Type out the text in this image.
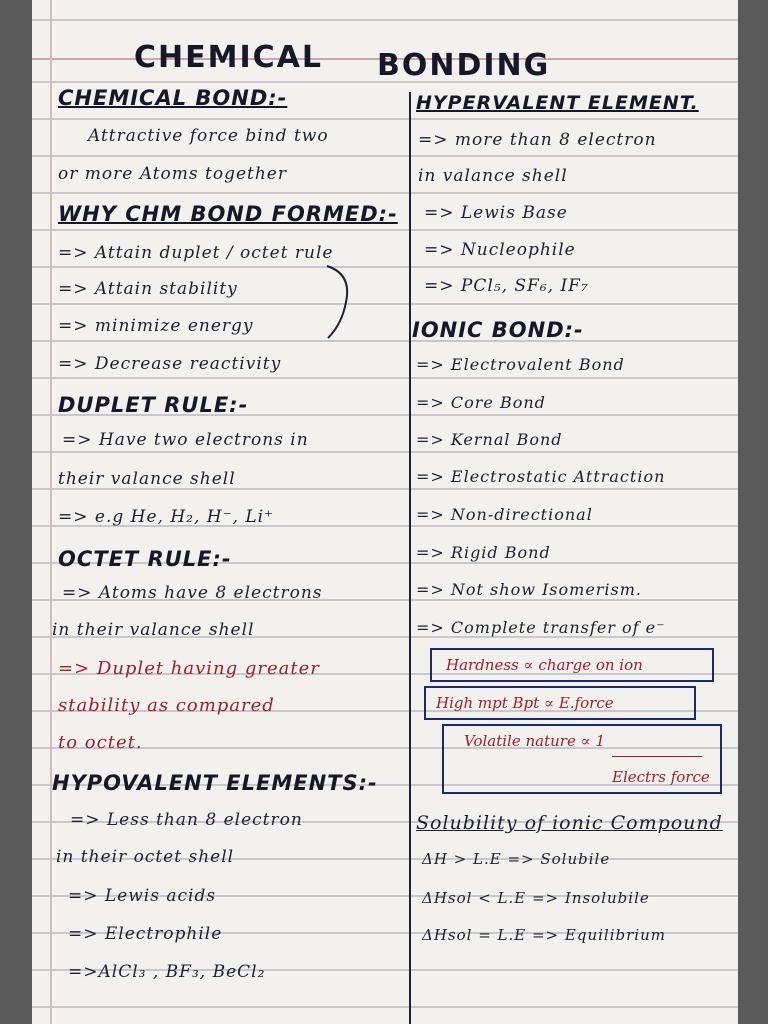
CHEMICAL BONDING
CHEMICAL BOND:-
Attractive force bind two
or more Atoms together
WHY CHM BOND FORMED:-
=> Attain duplet / octet rule
=> Attain stability
=> minimize energy
=> Decrease reactivity
DUPLET RULE:-
=> Have two electrons in
their valance shell
=> e.g He, H₂, H⁻, Li⁺
OCTET RULE:-
=> Atoms have 8 electrons
in their valance shell
=> Duplet having greater
stability as compared
to octet.
HYPOVALENT ELEMENTS:-
=> Less than 8 electron
in their octet shell
=> Lewis acids
=> Electrophile
=>AlCl₃ , BF₃, BeCl₂
HYPERVALENT ELEMENT.
=> more than 8 electron
in valance shell
=> Lewis Base
=> Nucleophile
=> PCl₅, SF₆, IF₇
IONIC BOND:-
=> Electrovalent Bond
=> Core Bond
=> Kernal Bond
=> Electrostatic Attraction
=> Non-directional
=> Rigid Bond
=> Not show Isomerism.
=> Complete transfer of e⁻
Hardness ∝ charge on ion
High mpt Bpt ∝ E.force
Volatile nature ∝ 1
Electrs force
Solubility of ionic Compound
ΔH > L.E => Solubile
ΔHsol < L.E => Insolubile
ΔHsol = L.E => Equilibrium
